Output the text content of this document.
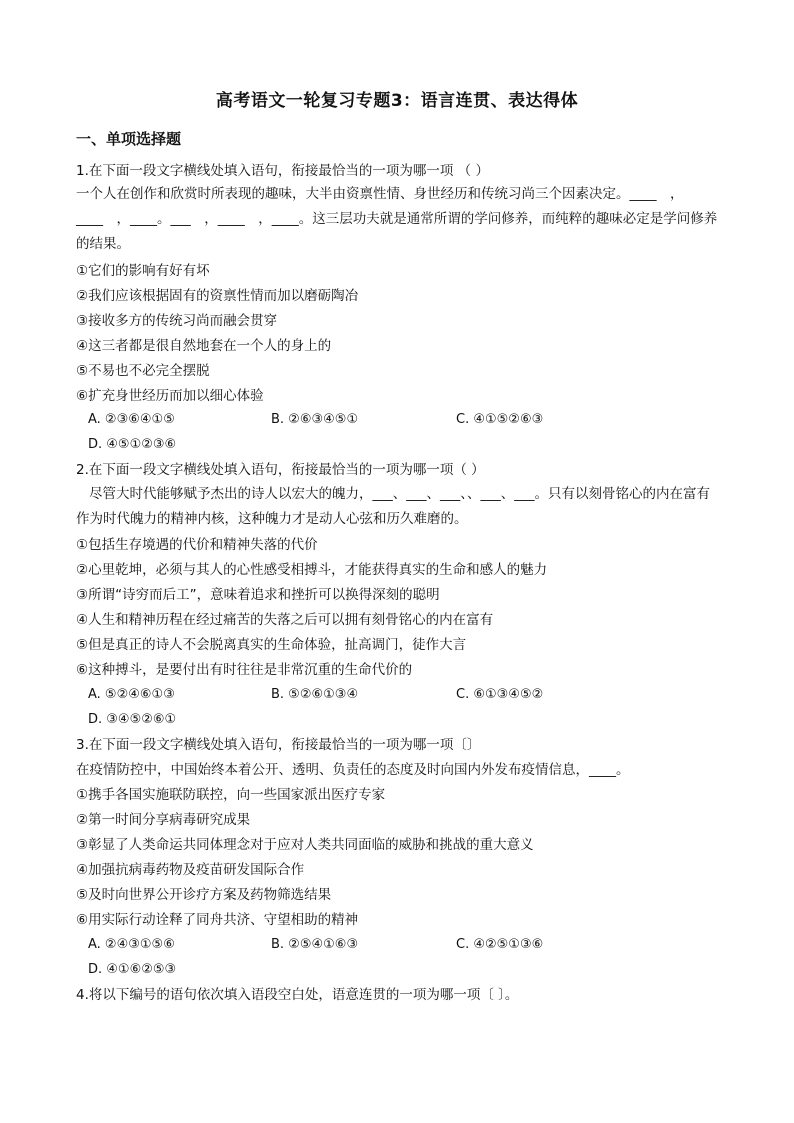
高考语文一轮复习专题3：语言连贯、表达得体
一、单项选择题
1.在下面一段文字横线处填入语句，衔接最恰当的一项为哪一项 （ ）
一个人在创作和欣赏时所表现的趣味，大半由资禀性情、身世经历和传统习尚三个因素决定。____　，____　，____。___　，____　，____。这三层功夫就是通常所谓的学问修养，而纯粹的趣味必定是学问修养的结果。
①它们的影响有好有坏
②我们应该根据固有的资禀性情而加以磨砺陶冶
③接收多方的传统习尚而融会贯穿
④这三者都是很自然地套在一个人的身上的
⑤不易也不必完全摆脱
⑥扩充身世经历而加以细心体验
A. ②③⑥④①⑤	B. ②⑥③④⑤①	C. ④①⑤②⑥③
D. ④⑤①②③⑥
2.在下面一段文字横线处填入语句，衔接最恰当的一项为哪一项（ ）
尽管大时代能够赋予杰出的诗人以宏大的魄力，___、___、___、、___、___。只有以刻骨铭心的内在富有作为时代魄力的精神内核，这种魄力才是动人心弦和历久难磨的。
①包括生存境遇的代价和精神失落的代价
②心里乾坤，必须与其人的心性感受相搏斗，才能获得真实的生命和感人的魅力
③所谓“诗穷而后工”，意味着追求和挫折可以换得深刻的聪明
④人生和精神历程在经过痛苦的失落之后可以拥有刻骨铭心的内在富有
⑤但是真正的诗人不会脱离真实的生命体验，扯高调门，徒作大言
⑥这种搏斗，是要付出有时往往是非常沉重的生命代价的
A. ⑤②④⑥①③	B. ⑤②⑥①③④	C. ⑥①③④⑤②
D. ③④⑤②⑥①
3.在下面一段文字横线处填入语句，衔接最恰当的一项为哪一项〔〕
在疫情防控中，中国始终本着公开、透明、负责任的态度及时向国内外发布疫情信息，____。
①携手各国实施联防联控，向一些国家派出医疗专家
②第一时间分享病毒研究成果
③彰显了人类命运共同体理念对于应对人类共同面临的威胁和挑战的重大意义
④加强抗病毒药物及疫苗研发国际合作
⑤及时向世界公开诊疗方案及药物筛选结果
⑥用实际行动诠释了同舟共济、守望相助的精神
A. ②④③①⑤⑥	B. ②⑤④①⑥③	C. ④②⑤①③⑥
D. ④①⑥②⑤③
4.将以下编号的语句依次填入语段空白处，语意连贯的一项为哪一项〔 〕。
